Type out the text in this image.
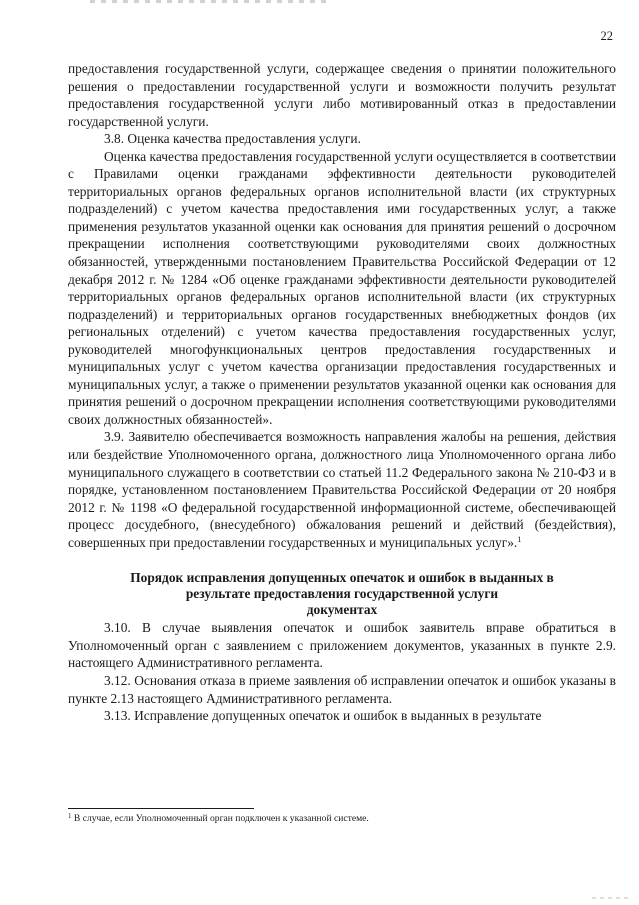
22

предоставления государственной услуги, содержащее сведения о принятии положительного решения о предоставлении государственной услуги и возможности получить результат предоставления государственной услуги либо мотивированный отказ в предоставлении государственной услуги.

3.8. Оценка качества предоставления услуги.

Оценка качества предоставления государственной услуги осуществляется в соответствии с Правилами оценки гражданами эффективности деятельности руководителей территориальных органов федеральных органов исполнительной власти (их структурных подразделений) с учетом качества предоставления ими государственных услуг, а также применения результатов указанной оценки как основания для принятия решений о досрочном прекращении исполнения соответствующими руководителями своих должностных обязанностей, утвержденными постановлением Правительства Российской Федерации от 12 декабря 2012 г. № 1284 «Об оценке гражданами эффективности деятельности руководителей территориальных органов федеральных органов исполнительной власти (их структурных подразделений) и территориальных органов государственных внебюджетных фондов (их региональных отделений) с учетом качества предоставления государственных услуг, руководителей многофункциональных центров предоставления государственных и муниципальных услуг с учетом качества организации предоставления государственных и муниципальных услуг, а также о применении результатов указанной оценки как основания для принятия решений о досрочном прекращении исполнения соответствующими руководителями своих должностных обязанностей».

3.9. Заявителю обеспечивается возможность направления жалобы на решения, действия или бездействие Уполномоченного органа, должностного лица Уполномоченного органа либо муниципального служащего в соответствии со статьей 11.2 Федерального закона № 210-ФЗ и в порядке, установленном постановлением Правительства Российской Федерации от 20 ноября 2012 г. № 1198 «О федеральной государственной информационной системе, обеспечивающей процесс досудебного, (внесудебного) обжалования решений и действий (бездействия), совершенных при предоставлении государственных и муниципальных услуг».$^1$

Порядок исправления допущенных опечаток и ошибок в выданных в
результате предоставления государственной услуги
документах

3.10. В случае выявления опечаток и ошибок заявитель вправе обратиться в Уполномоченный орган с заявлением с приложением документов, указанных в пункте 2.9. настоящего Административного регламента.

3.12. Основания отказа в приеме заявления об исправлении опечаток и ошибок указаны в пункте 2.13 настоящего Административного регламента.

3.13. Исправление допущенных опечаток и ошибок в выданных в результате

$^1$ В случае, если Уполномоченный орган подключен к указанной системе.
